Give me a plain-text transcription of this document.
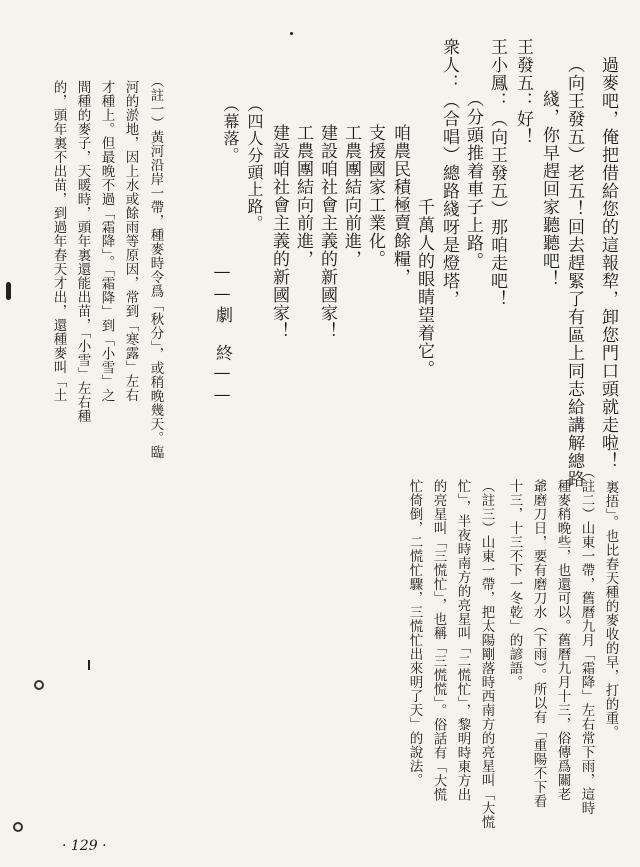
過麥吧，俺把借給您的這報犂，卸您門口頭就走啦！
（向王發五）老五！回去趕緊了有區上同志給講解總路
綫，你早趕回家聽聽吧！
王發五：好！
王小鳳：（向王發五）那咱走吧！
（分頭推着車子上路。
衆人：（合唱）總路綫呀是燈塔，
千萬人的眼睛望着它。
咱農民積極賣餘糧，
支援國家工業化。
工農團結向前進，
建設咱社會主義的新國家！
工農團結向前進，
建設咱社會主義的新國家！
（四人分頭上路。
（幕落。
——劇　終——
（註一）黃河沿岸一帶，種麥時令爲「秋分」，或稍晚幾天。臨
河的淤地，因上水或餘雨等原因，常到「寒露」左右
才種上。但最晚不過「霜降」。「霜降」到「小雪」之
間種的麥子，天暖時，頭年裏還能出苗，「小雪」左右種
的，頭年裏不出苗，到過年春天才出，還種麥叫「土
裏捂」。也比春天種的麥收的早，打的重。
（註二）山東一帶，舊曆九月「霜降」左右常下雨，這時
種麥稍晚些，也還可以。舊曆九月十三，俗傳爲關老
爺磨刀日，要有磨刀水（下雨）。所以有「重陽不下看
十三，十三不下一冬乾」的諺語。
（註三）山東一帶，把太陽剛落時西南方的亮星叫「大慌
忙」，半夜時南方的亮星叫「二慌忙」，黎明時東方出
的亮星叫「三慌忙」，也稱「三慌慌」。俗話有「大慌
忙倚倒，二慌忙驟，三慌忙出來明了天」的說法。
· 129 ·
